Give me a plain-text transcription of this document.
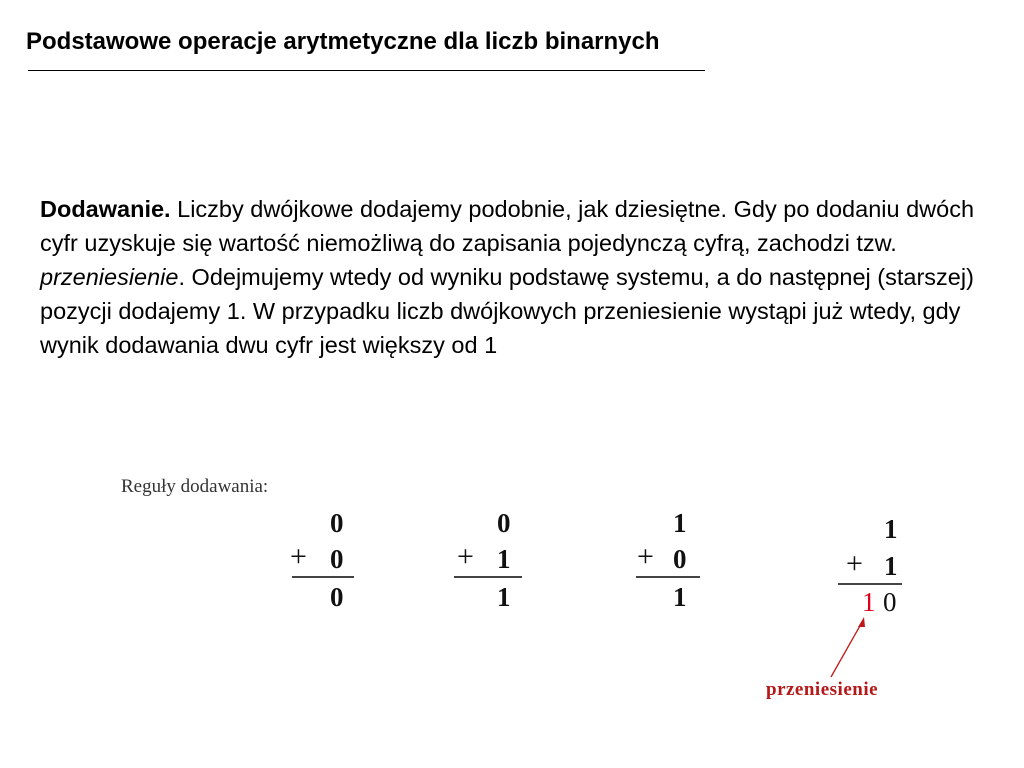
Podstawowe operacje arytmetyczne dla liczb binarnych

Dodawanie. Liczby dwójkowe dodajemy podobnie, jak dziesiętne. Gdy po dodaniu dwóch cyfr uzyskuje się wartość niemożliwą do zapisania pojedynczą cyfrą, zachodzi tzw. przeniesienie. Odejmujemy wtedy od wyniku podstawę systemu, a do następnej (starszej) pozycji dodajemy 1. W przypadku liczb dwójkowych przeniesienie wystąpi już wtedy, gdy wynik dodawania dwu cyfr jest większy od 1

Reguły dodawania:
0
+ 0
0
0
+ 1
1
1
+ 0
1
1
+ 1
1 0
przeniesienie
